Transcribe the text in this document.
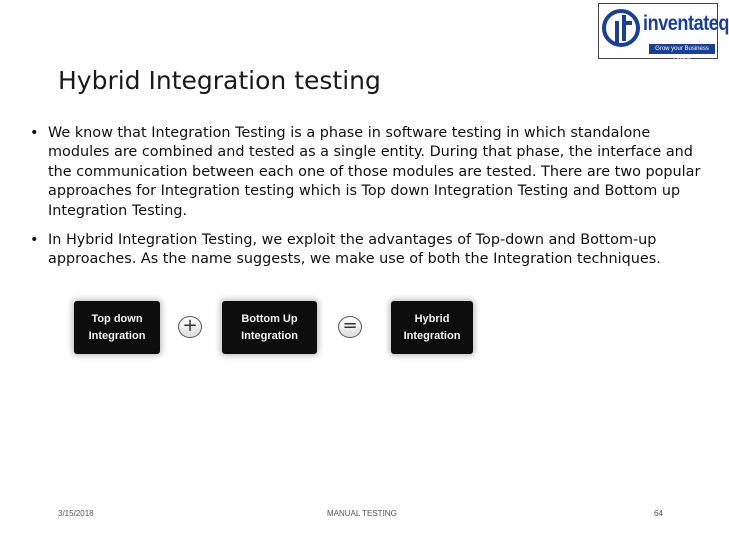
inventateq
Grow your Business Online
Hybrid Integration testing
• We know that Integration Testing is a phase in software testing in which standalone modules are combined and tested as a single entity. During that phase, the interface and the communication between each one of those modules are tested. There are two popular approaches for Integration testing which is Top down Integration Testing and Bottom up Integration Testing.
• In Hybrid Integration Testing, we exploit the advantages of Top-down and Bottom-up approaches. As the name suggests, we make use of both the Integration techniques.
Top down
Integration +	Bottom Up
Integration =	Hybrid
Integration
3/15/2018	MANUAL TESTING	64
